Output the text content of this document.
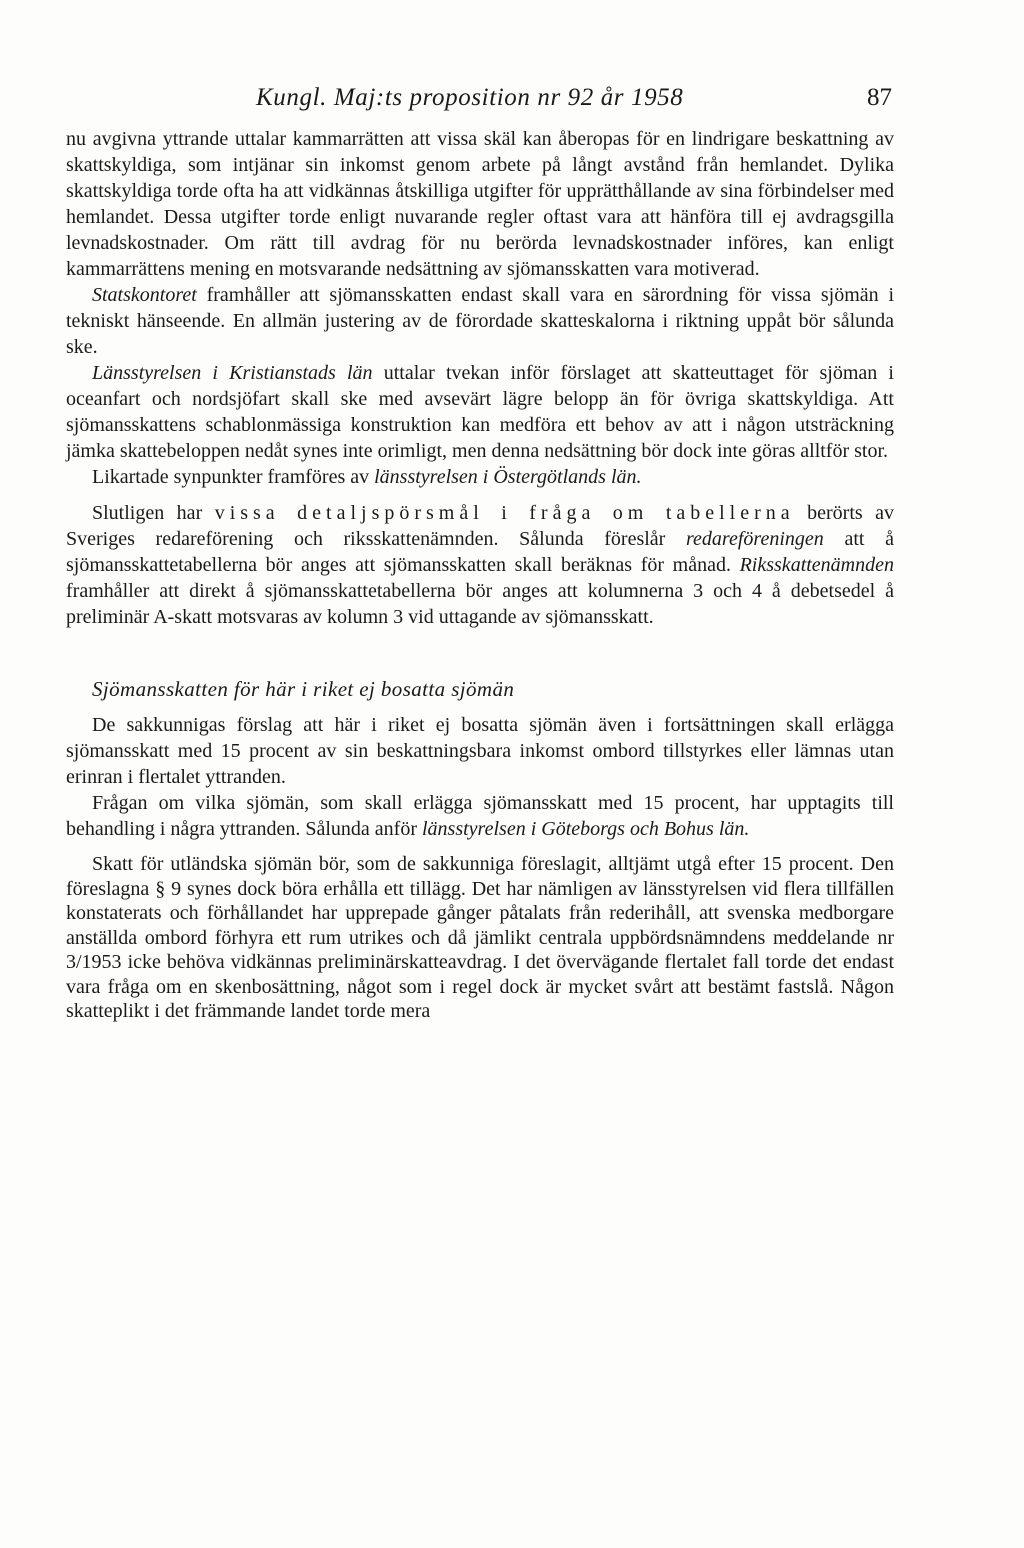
Kungl. Maj:ts proposition nr 92 år 1958	87

nu avgivna yttrande uttalar kammarrätten att vissa skäl kan åberopas för en lindrigare beskattning av skattskyldiga, som intjänar sin inkomst genom arbete på långt avstånd från hemlandet. Dylika skattskyldiga torde ofta ha att vidkännas åtskilliga utgifter för upprätthållande av sina förbindelser med hemlandet. Dessa utgifter torde enligt nuvarande regler oftast vara att hänföra till ej avdragsgilla levnadskostnader. Om rätt till avdrag för nu berörda levnadskostnader införes, kan enligt kammarrättens mening en motsvarande nedsättning av sjömansskatten vara motiverad.

Statskontoret framhåller att sjömansskatten endast skall vara en särordning för vissa sjömän i tekniskt hänseende. En allmän justering av de förordade skatteskalorna i riktning uppåt bör sålunda ske.

Länsstyrelsen i Kristianstads län uttalar tvekan inför förslaget att skatteuttaget för sjöman i oceanfart och nordsjöfart skall ske med avsevärt lägre belopp än för övriga skattskyldiga. Att sjömansskattens schablonmässiga konstruktion kan medföra ett behov av att i någon utsträckning jämka skattebeloppen nedåt synes inte orimligt, men denna nedsättning bör dock inte göras alltför stor.

Likartade synpunkter framföres av länsstyrelsen i Östergötlands län.

Slutligen har vissa detaljspörsmål i fråga om tabellerna berörts av Sveriges redareförening och riksskattenämnden. Sålunda föreslår redareföreningen att å sjömansskattetabellerna bör anges att sjömansskatten skall beräknas för månad. Riksskattenämnden framhåller att direkt å sjömansskattetabellerna bör anges att kolumnerna 3 och 4 å debetsedel å preliminär A-skatt motsvaras av kolumn 3 vid uttagande av sjömansskatt.

Sjömansskatten för här i riket ej bosatta sjömän

De sakkunnigas förslag att här i riket ej bosatta sjömän även i fortsättningen skall erlägga sjömansskatt med 15 procent av sin beskattningsbara inkomst ombord tillstyrkes eller lämnas utan erinran i flertalet yttranden.

Frågan om vilka sjömän, som skall erlägga sjömansskatt med 15 procent, har upptagits till behandling i några yttranden. Sålunda anför länsstyrelsen i Göteborgs och Bohus län.

Skatt för utländska sjömän bör, som de sakkunniga föreslagit, alltjämt utgå efter 15 procent. Den föreslagna § 9 synes dock böra erhålla ett tillägg. Det har nämligen av länsstyrelsen vid flera tillfällen konstaterats och förhållandet har upprepade gånger påtalats från rederihåll, att svenska medborgare anställda ombord förhyra ett rum utrikes och då jämlikt centrala uppbördsnämndens meddelande nr 3/1953 icke behöva vidkännas preliminärskatteavdrag. I det övervägande flertalet fall torde det endast vara fråga om en skenbosättning, något som i regel dock är mycket svårt att bestämt fastslå. Någon skatteplikt i det främmande landet torde mera
